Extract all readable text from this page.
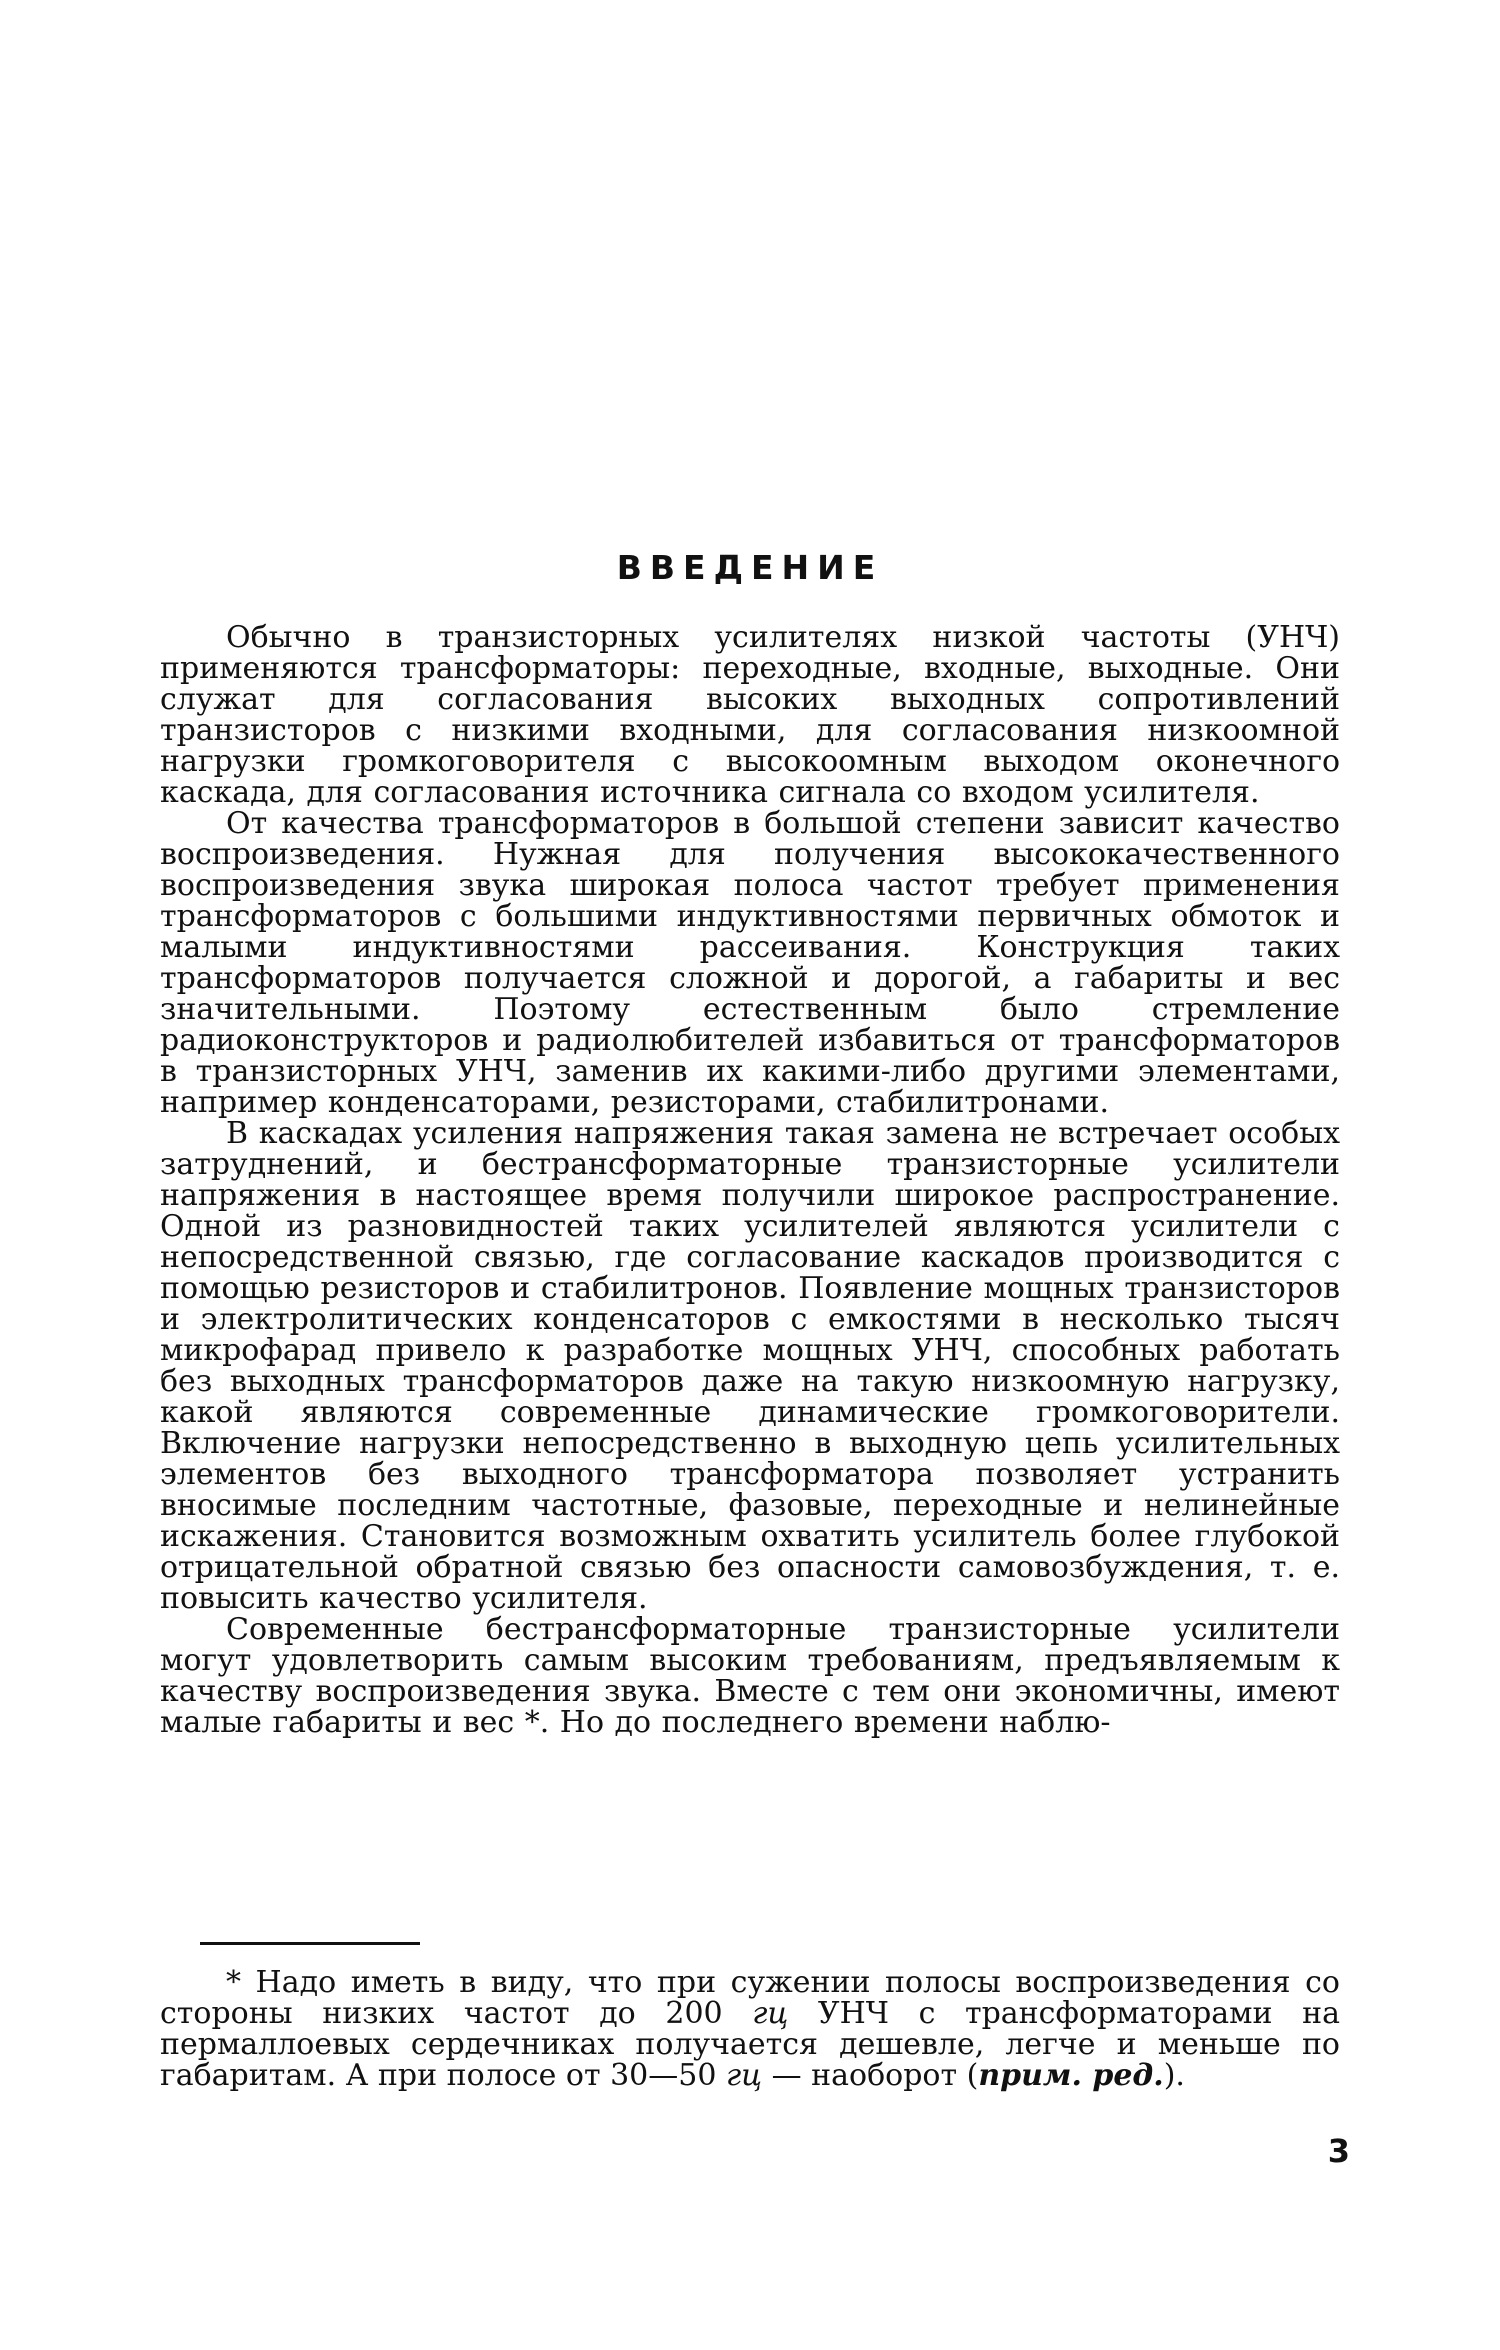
ВВЕДЕНИЕ

Обычно в транзисторных усилителях низкой частоты (УНЧ) применяются трансформаторы: переходные, входные, выходные. Они служат для согласования высоких выходных сопротивлений транзисторов с низкими входными, для согласования низкоомной нагрузки громкоговорителя с высокоомным выходом оконечного каскада, для согласования источника сигнала со входом усилителя.

От качества трансформаторов в большой степени зависит качество воспроизведения. Нужная для получения высококачественного воспроизведения звука широкая полоса частот требует применения трансформаторов с большими индуктивностями первичных обмоток и малыми индуктивностями рассеивания. Конструкция таких трансформаторов получается сложной и дорогой, а габариты и вес значительными. Поэтому естественным было стремление радиоконструкторов и радиолюбителей избавиться от трансформаторов в транзисторных УНЧ, заменив их какими-либо другими элементами, например конденсаторами, резисторами, стабилитронами.

В каскадах усиления напряжения такая замена не встречает особых затруднений, и бестрансформаторные транзисторные усилители напряжения в настоящее время получили широкое распространение. Одной из разновидностей таких усилителей являются усилители с непосредственной связью, где согласование каскадов производится с помощью резисторов и стабилитронов. Появление мощных транзисторов и электролитических конденсаторов с емкостями в несколько тысяч микрофарад привело к разработке мощных УНЧ, способных работать без выходных трансформаторов даже на такую низкоомную нагрузку, какой являются современные динамические громкоговорители. Включение нагрузки непосредственно в выходную цепь усилительных элементов без выходного трансформатора позволяет устранить вносимые последним частотные, фазовые, переходные и нелинейные искажения. Становится возможным охватить усилитель более глубокой отрицательной обратной связью без опасности самовозбуждения, т. е. повысить качество усилителя.

Современные бестрансформаторные транзисторные усилители могут удовлетворить самым высоким требованиям, предъявляемым к качеству воспроизведения звука. Вместе с тем они экономичны, имеют малые габариты и вес *. Но до последнего времени наблю-

* Надо иметь в виду, что при сужении полосы воспроизведения со стороны низких частот до 200 гц УНЧ с трансформаторами на пермаллоевых сердечниках получается дешевле, легче и меньше по габаритам. А при полосе от 30—50 гц — наоборот (прим. ред.).

3
